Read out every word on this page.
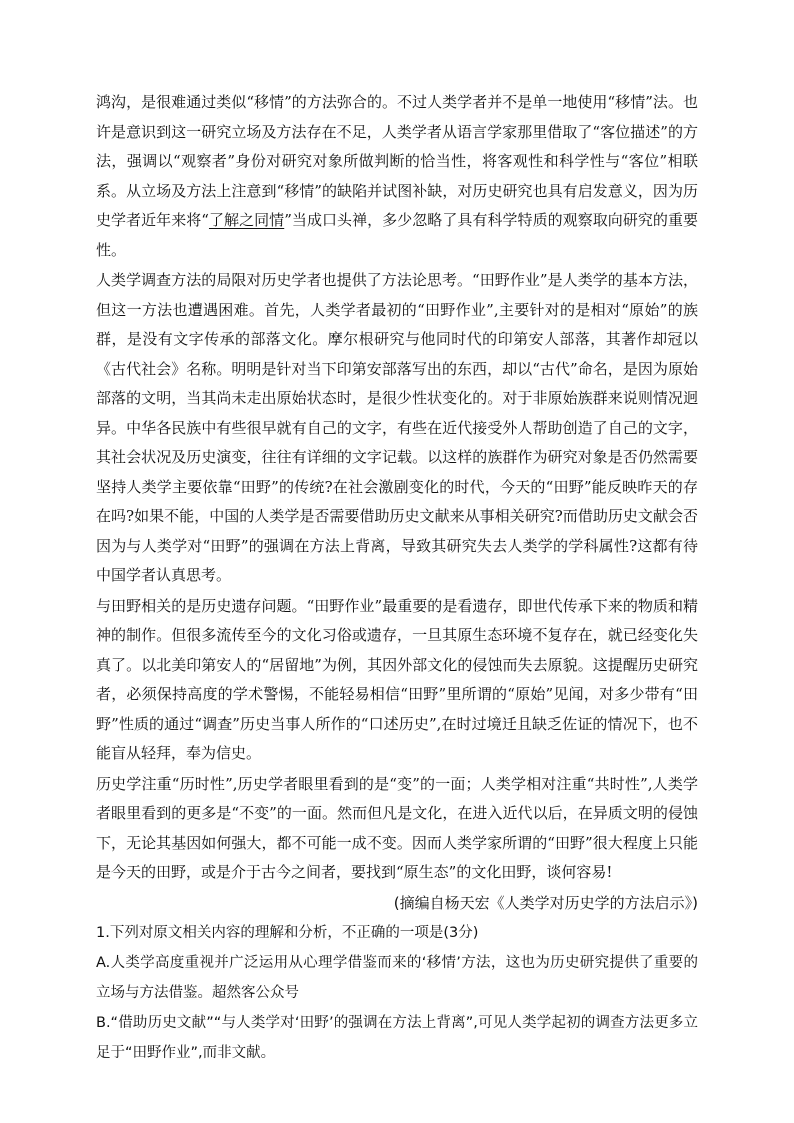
鸿沟，是很难通过类似“移情”的方法弥合的。不过人类学者并不是单一地使用“移情”法。也许是意识到这一研究立场及方法存在不足，人类学者从语言学家那里借取了“客位描述”的方法，强调以“观察者”身份对研究对象所做判断的恰当性，将客观性和科学性与“客位”相联系。从立场及方法上注意到“移情”的缺陷并试图补缺，对历史研究也具有启发意义，因为历史学者近年来将“了解之同情”当成口头禅，多少忽略了具有科学特质的观察取向研究的重要性。

人类学调查方法的局限对历史学者也提供了方法论思考。“田野作业”是人类学的基本方法，但这一方法也遭遇困难。首先，人类学者最初的“田野作业”,主要针对的是相对“原始”的族群，是没有文字传承的部落文化。摩尔根研究与他同时代的印第安人部落，其著作却冠以《古代社会》名称。明明是针对当下印第安部落写出的东西，却以“古代”命名，是因为原始部落的文明，当其尚未走出原始状态时，是很少性状变化的。对于非原始族群来说则情况迥异。中华各民族中有些很早就有自己的文字，有些在近代接受外人帮助创造了自己的文字，其社会状况及历史演变，往往有详细的文字记载。以这样的族群作为研究对象是否仍然需要坚持人类学主要依靠“田野”的传统?在社会激剧变化的时代，今天的“田野”能反映昨天的存在吗?如果不能，中国的人类学是否需要借助历史文献来从事相关研究?而借助历史文献会否因为与人类学对“田野”的强调在方法上背离，导致其研究失去人类学的学科属性?这都有待中国学者认真思考。

与田野相关的是历史遗存问题。“田野作业”最重要的是看遗存，即世代传承下来的物质和精神的制作。但很多流传至今的文化习俗或遗存，一旦其原生态环境不复存在，就已经变化失真了。以北美印第安人的“居留地”为例，其因外部文化的侵蚀而失去原貌。这提醒历史研究者，必须保持高度的学术警惕，不能轻易相信“田野”里所谓的“原始”见闻，对多少带有“田野”性质的通过“调查”历史当事人所作的“口述历史”,在时过境迁且缺乏佐证的情况下，也不能盲从轻拜，奉为信史。

历史学注重“历时性”,历史学者眼里看到的是“变”的一面；人类学相对注重“共时性”,人类学者眼里看到的更多是“不变”的一面。然而但凡是文化，在进入近代以后，在异质文明的侵蚀下，无论其基因如何强大，都不可能一成不变。因而人类学家所谓的“田野”很大程度上只能是今天的田野，或是介于古今之间者，要找到“原生态”的文化田野，谈何容易!

(摘编自杨天宏《人类学对历史学的方法启示》)

1.下列对原文相关内容的理解和分析，不正确的一项是(3分)

A.人类学高度重视并广泛运用从心理学借鉴而来的‘移情’方法，这也为历史研究提供了重要的立场与方法借鉴。超然客公众号

B.“借助历史文献”“与人类学对‘田野’的强调在方法上背离”,可见人类学起初的调查方法更多立足于“田野作业”,而非文献。
